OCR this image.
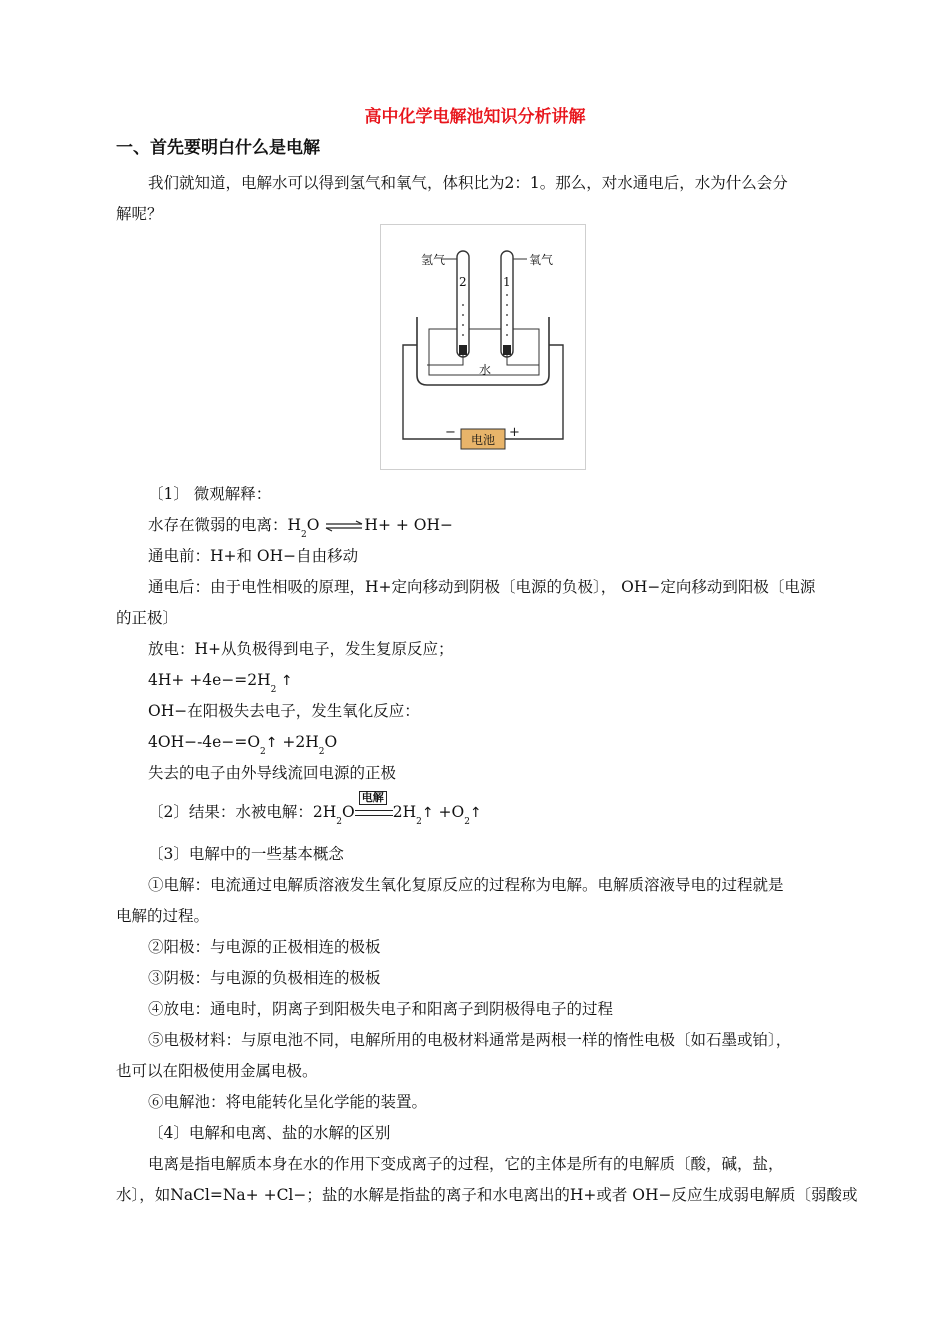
高中化学电解池知识分析讲解
一、首先要明白什么是电解
我们就知道，电解水可以得到氢气和氧气，体积比为2：1。那么，对水通电后，水为什么会分
解呢？
氢气	氧气
2	1
水
电池
−	+
〔1〕 微观解释：
水存在微弱的电离：$H_2O$ ⇌H+ + OH−
通电前：H+和 OH−自由移动
通电后：由于电性相吸的原理，H+定向移动到阴极〔电源的负极〕， OH−定向移动到阳极〔电源
的正极〕
放电：H+从负极得到电子，发生复原反应；
$4H+ +4e-=2H_2$ ↑
OH−在阳极失去电子，发生氧化反应：
$4OH--4e-=O_2↑ +2H_2O$
失去的电子由外导线流回电源的正极
〔2〕结果：水被电解：$2H_2O$
电解
$2H_2↑$ $+O_2↑$
〔3〕电解中的一些基本概念
①电解：电流通过电解质溶液发生氧化复原反应的过程称为电解。电解质溶液导电的过程就是
电解的过程。
②阳极：与电源的正极相连的极板
③阴极：与电源的负极相连的极板
④放电：通电时，阴离子到阳极失电子和阳离子到阴极得电子的过程
⑤电极材料：与原电池不同，电解所用的电极材料通常是两根一样的惰性电极〔如石墨或铂〕，
也可以在阳极使用金属电极。
⑥电解池：将电能转化呈化学能的装置。
〔4〕电解和电离、盐的水解的区别
电离是指电解质本身在水的作用下变成离子的过程，它的主体是所有的电解质〔酸，碱，盐，
水〕，如NaCl=Na+ +Cl−；盐的水解是指盐的离子和水电离出的H+或者 OH−反应生成弱电解质〔弱酸或
